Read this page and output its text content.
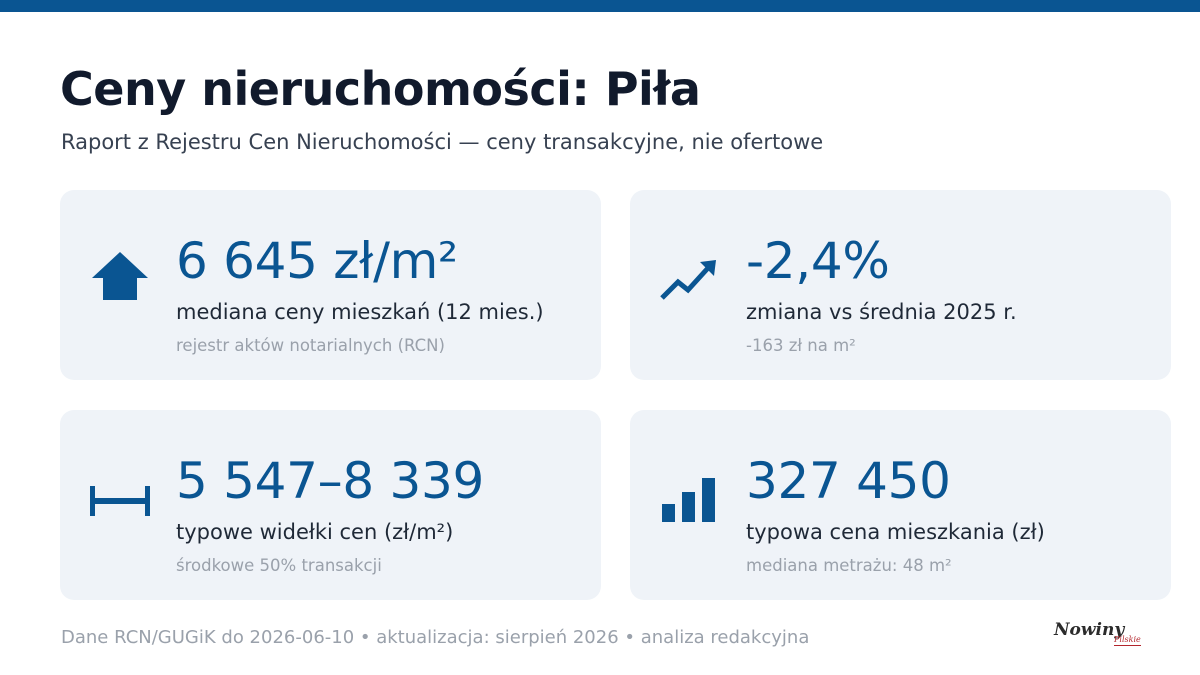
Ceny nieruchomości: Piła
Raport z Rejestru Cen Nieruchomości — ceny transakcyjne, nie ofertowe
6 645 zł/m²
mediana ceny mieszkań (12 mies.)
rejestr aktów notarialnych (RCN)
-2,4%
zmiana vs średnia 2025 r.
-163 zł na m²
5 547–8 339
typowe widełki cen (zł/m²)
środkowe 50% transakcji
327 450
typowa cena mieszkania (zł)
mediana metrażu: 48 m²
Dane RCN/GUGiK do 2026-06-10 • aktualizacja: sierpień 2026 • analiza redakcyjna	Nowiny
Pilskie
